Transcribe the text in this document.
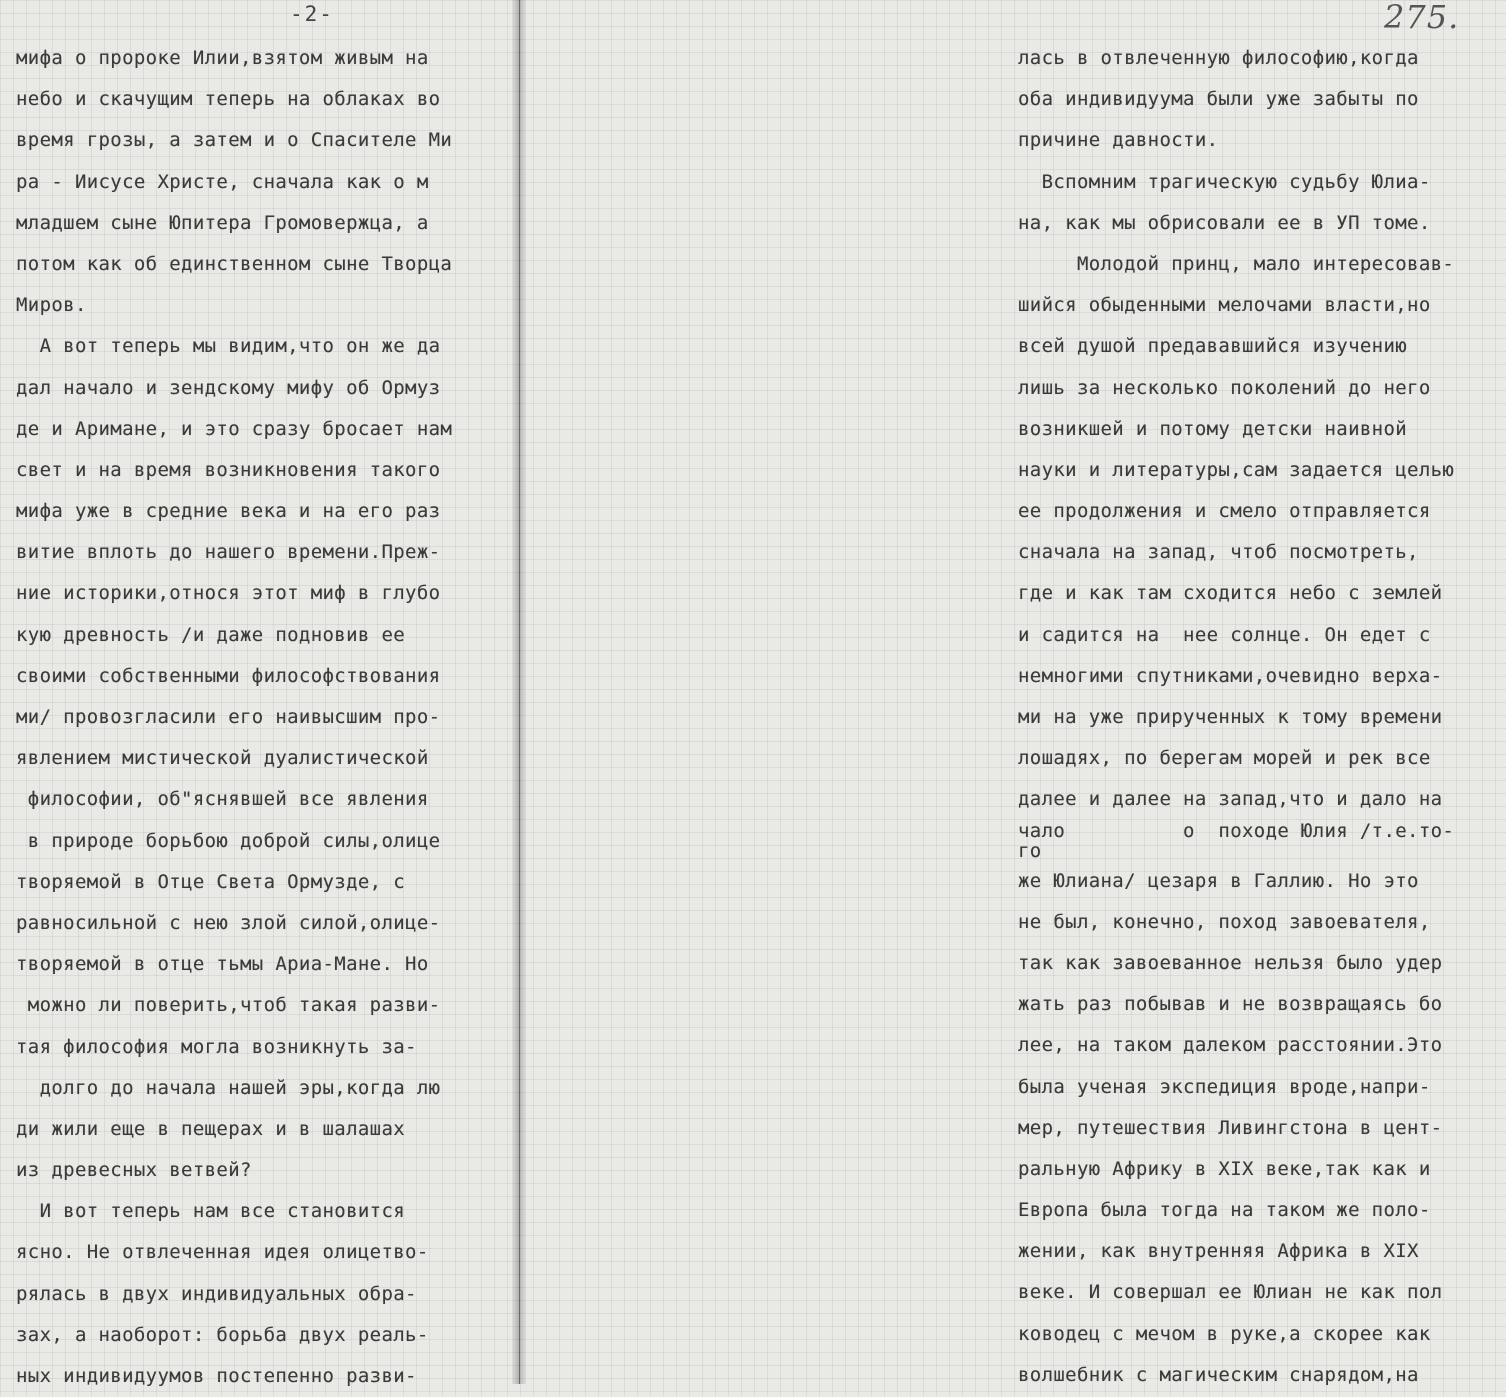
-2-	275.
мифа о пророке Илии,взятом живым на
небо и скачущим теперь на облаках во
время грозы, а затем и о Спасителе Ми
ра - Иисусе Христе, сначала как о м
младшем сыне Юпитера Громовержца, а
потом как об единственном сыне Творца
Миров.
А вот теперь мы видим,что он же да
дал начало и зендскому мифу об Ормуз
де и Аримане, и это сразу бросает нам
свет и на время возникновения такого
мифа уже в средние века и на его раз
витие вплоть до нашего времени.Преж-
ние историки,относя этот миф в глубо
кую древность /и даже подновив ее
своими собственными философствования
ми/ провозгласили его наивысшим про-
явлением мистической дуалистической
философии, об"яснявшей все явления
в природе борьбою доброй силы,олице
творяемой в Отце Света Ормузде, с
равносильной с нею злой силой,олице-
творяемой в отце тьмы Ариа-Мане. Но
можно ли поверить,чтоб такая разви-
тая философия могла возникнуть за-
долго до начала нашей эры,когда лю
ди жили еще в пещерах и в шалашах
из древесных ветвей?
И вот теперь нам все становится
ясно. Не отвлеченная идея олицетво-
рялась в двух индивидуальных обра-
зах, а наоборот: борьба двух реаль-
ных индивидуумов постепенно разви-
лась в отвлеченную философию,когда
оба индивидуума были уже забыты по
причине давности.
Вспомним трагическую судьбу Юлиа-
на, как мы обрисовали ее в УП томе.
Молодой принц, мало интересовав-
шийся обыденными мелочами власти,но
всей душой предававшийся изучению
лишь за несколько поколений до него
возникшей и потому детски наивной
науки и литературы,сам задается целью
ее продолжения и смело отправляется
сначала на запад, чтоб посмотреть,
где и как там сходится небо с землей
и садится на  нее солнце. Он едет с
немногими спутниками,очевидно верха-
ми на уже прирученных к тому времени
лошадях, по берегам морей и рек все
далее и далее на запад,что и дало на
чало          о  походе Юлия /т.е.то-
го
же Юлиана/ цезаря в Галлию. Но это
не был, конечно, поход завоевателя,
так как завоеванное нельзя было удер
жать раз побывав и не возвращаясь бо
лее, на таком далеком расстоянии.Это
была ученая экспедиция вроде,напри-
мер, путешествия Ливингстона в цент-
ральную Африку в XIX веке,так как и
Европа была тогда на таком же поло-
жении, как внутренняя Африка в XIX
веке. И совершал ее Юлиан не как пол
ководец с мечом в руке,а скорее как
волшебник с магическим снарядом,на
